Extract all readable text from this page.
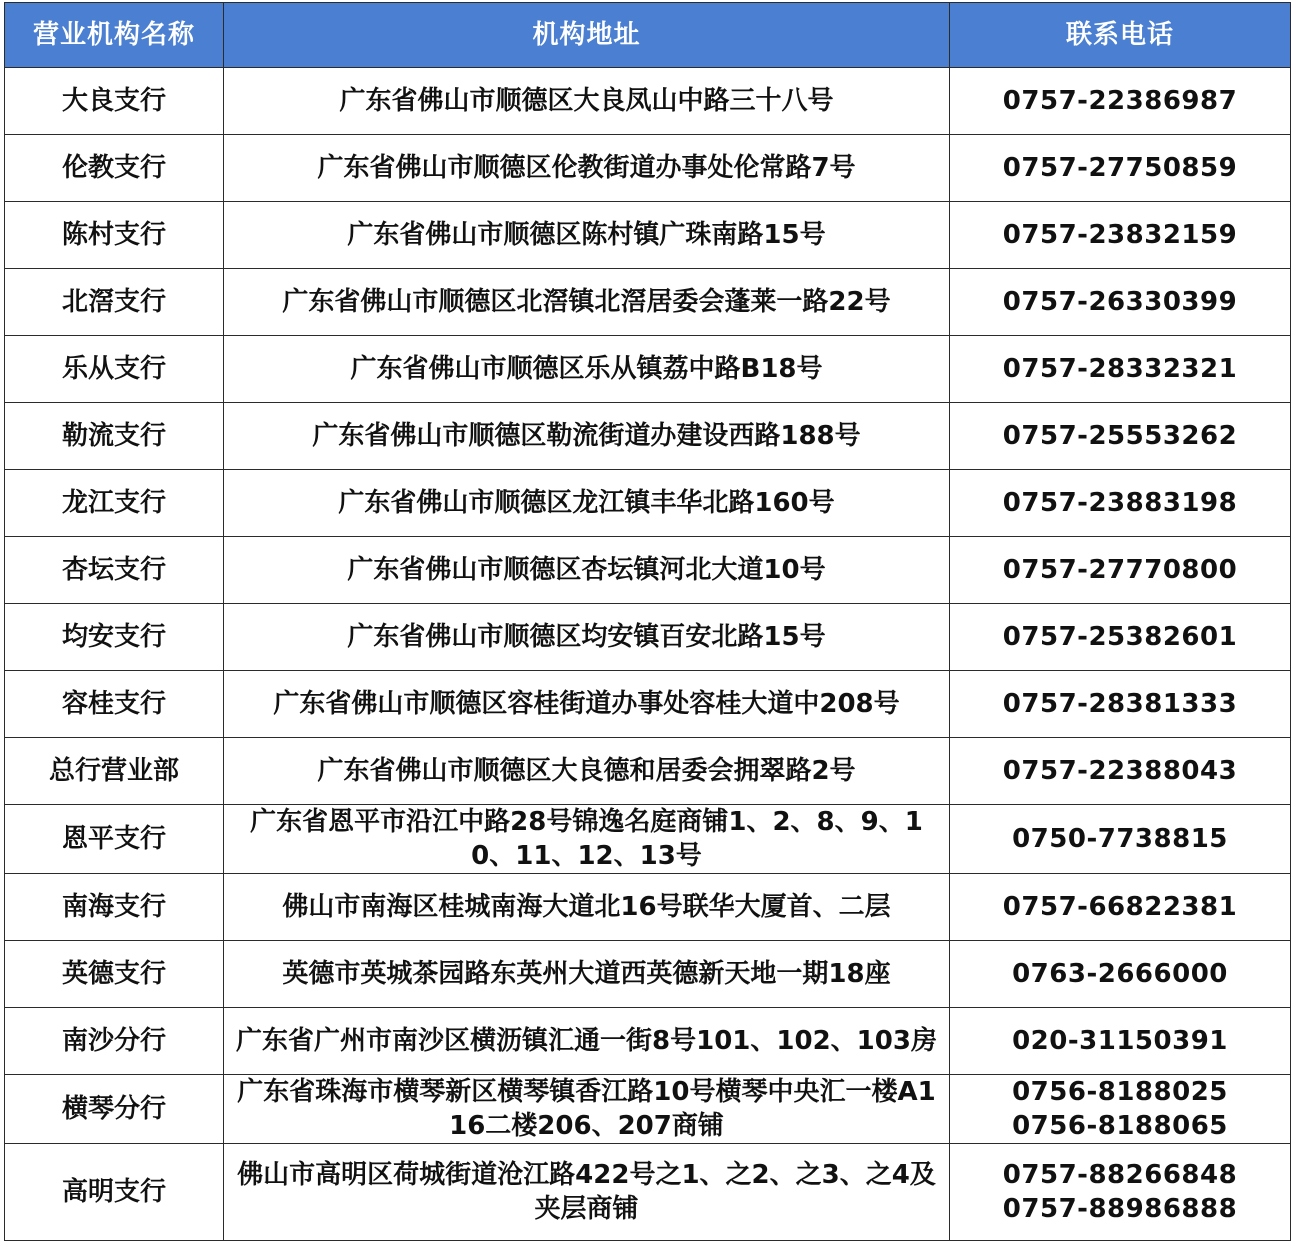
营业机构名称	机构地址	联系电话
大良支行	广东省佛山市顺德区大良凤山中路三十八号	0757-22386987
伦教支行	广东省佛山市顺德区伦教街道办事处伦常路7号	0757-27750859
陈村支行	广东省佛山市顺德区陈村镇广珠南路15号	0757-23832159
北滘支行	广东省佛山市顺德区北滘镇北滘居委会蓬莱一路22号	0757-26330399
乐从支行	广东省佛山市顺德区乐从镇荔中路B18号	0757-28332321
勒流支行	广东省佛山市顺德区勒流街道办建设西路188号	0757-25553262
龙江支行	广东省佛山市顺德区龙江镇丰华北路160号	0757-23883198
杏坛支行	广东省佛山市顺德区杏坛镇河北大道10号	0757-27770800
均安支行	广东省佛山市顺德区均安镇百安北路15号	0757-25382601
容桂支行	广东省佛山市顺德区容桂街道办事处容桂大道中208号	0757-28381333
总行营业部	广东省佛山市顺德区大良德和居委会拥翠路2号	0757-22388043
恩平支行	广东省恩平市沿江中路28号锦逸名庭商铺1、2、8、9、10、11、12、13号	0750-7738815
南海支行	佛山市南海区桂城南海大道北16号联华大厦首、二层	0757-66822381
英德支行	英德市英城茶园路东英州大道西英德新天地一期18座	0763-2666000
南沙分行	广东省广州市南沙区横沥镇汇通一街8号101、102、103房	020-31150391
横琴分行	广东省珠海市横琴新区横琴镇香江路10号横琴中央汇一楼A116二楼206、207商铺	0756-8188025
0756-8188065

高明支行	佛山市高明区荷城街道沧江路422号之1、之2、之3、之4及夹层商铺	0757-88266848
0757-88986888
